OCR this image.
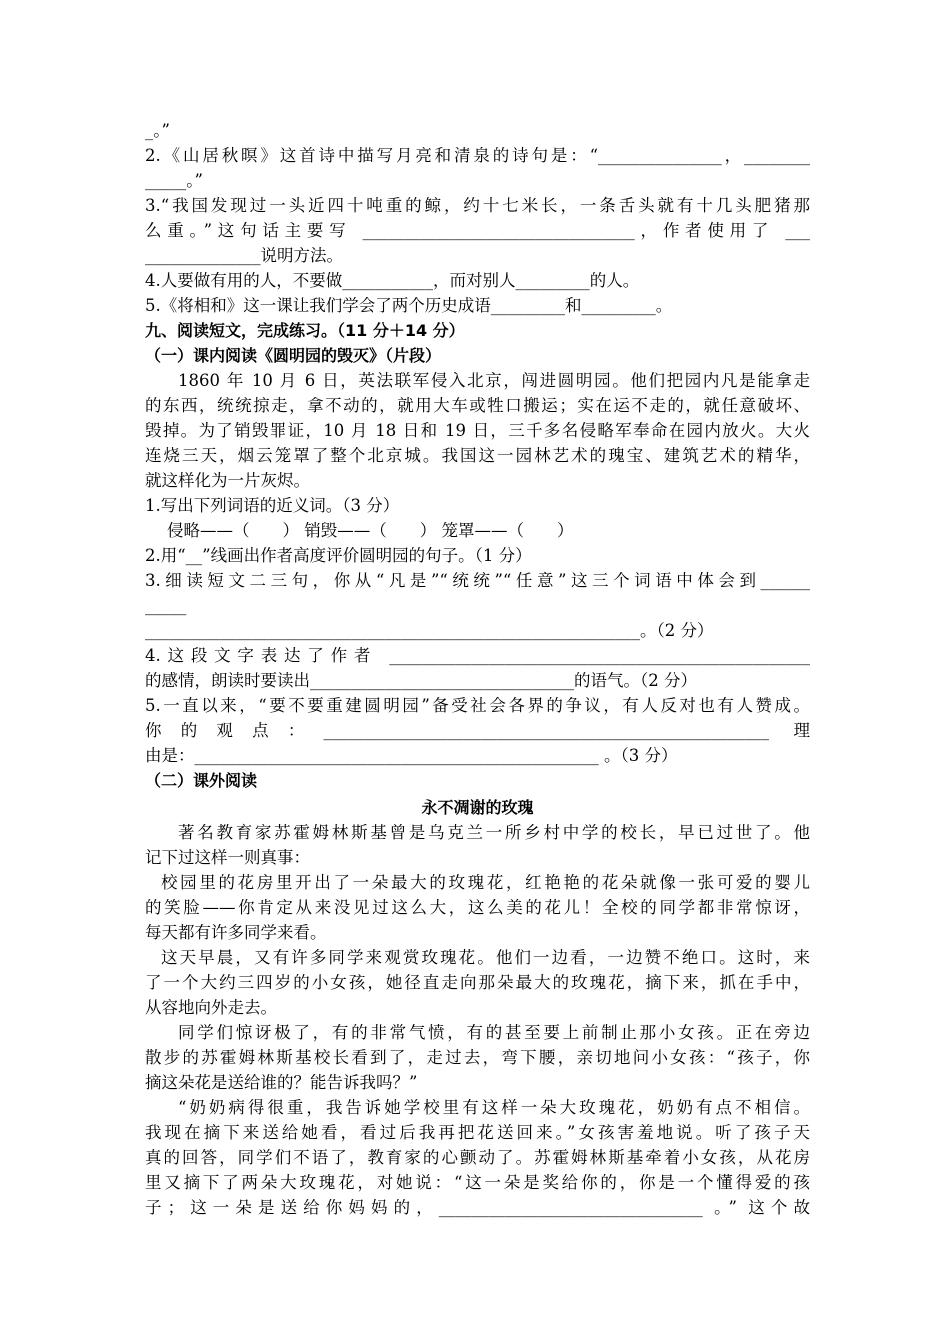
_。”
2.《山居秋暝》这首诗中描写月亮和清泉的诗句是：“_______________，________
_____。”
3.“我国发现过一头近四十吨重的鲸，约十七米长，一条舌头就有十几头肥猪那
么重。”这句话主要写 _________________________________，作者使用了 ___
______________说明方法。
4.人要做有用的人，不要做___________，而对别人_________的人。
5.《将相和》这一课让我们学会了两个历史成语_________和_________。
九、阅读短文，完成练习。（11 分＋14 分）
（一）课内阅读《圆明园的毁灭》（片段）
1860 年 10 月 6 日，英法联军侵入北京，闯进圆明园。他们把园内凡是能拿走
的东西，统统掠走，拿不动的，就用大车或牲口搬运；实在运不走的，就任意破坏、
毁掉。为了销毁罪证，10 月 18 日和 19 日，三千多名侵略军奉命在园内放火。大火
连烧三天，烟云笼罩了整个北京城。我国这一园林艺术的瑰宝、建筑艺术的精华，
就这样化为一片灰烬。
1.写出下列词语的近义词。（3 分）
侵略——（　　） 销毁——（　　） 笼罩——（　　）
2.用“__”线画出作者高度评价圆明园的句子。（1 分）
3.细读短文二三句，你从“凡是”“统统”“任意”这三个词语中体会到______
_____
____________________________________________________________。（2 分）
4.这段文字表达了作者 ___________________________________________________
的感情，朗读时要读出________________________________的语气。（2 分）
5.一直以来，“要不要重建圆明园”备受社会各界的争议，有人反对也有人赞成。
你的观点：______________________________________________________ 理
由是：_________________________________________________ 。（3 分）
（二）课外阅读
永不凋谢的玫瑰
著名教育家苏霍姆林斯基曾是乌克兰一所乡村中学的校长，早已过世了。他
记下过这样一则真事：
校园里的花房里开出了一朵最大的玫瑰花，红艳艳的花朵就像一张可爱的婴儿
的笑脸——你肯定从来没见过这么大，这么美的花儿！全校的同学都非常惊讶，
每天都有许多同学来看。
这天早晨，又有许多同学来观赏玫瑰花。他们一边看，一边赞不绝口。这时，来
了一个大约三四岁的小女孩，她径直走向那朵最大的玫瑰花，摘下来，抓在手中，
从容地向外走去。
同学们惊讶极了，有的非常气愤，有的甚至要上前制止那小女孩。正在旁边
散步的苏霍姆林斯基校长看到了，走过去，弯下腰，亲切地问小女孩：“孩子，你
摘这朵花是送给谁的？能告诉我吗？”
“奶奶病得很重，我告诉她学校里有这样一朵大玫瑰花，奶奶有点不相信。
我现在摘下来送给她看，看过后我再把花送回来。”女孩害羞地说。听了孩子天
真的回答，同学们不语了，教育家的心颤动了。苏霍姆林斯基牵着小女孩，从花房
里又摘下了两朵大玫瑰花，对她说：“这一朵是奖给你的，你是一个懂得爱的孩
子；这一朵是送给你妈妈的，________________________________ 。” 这个故
